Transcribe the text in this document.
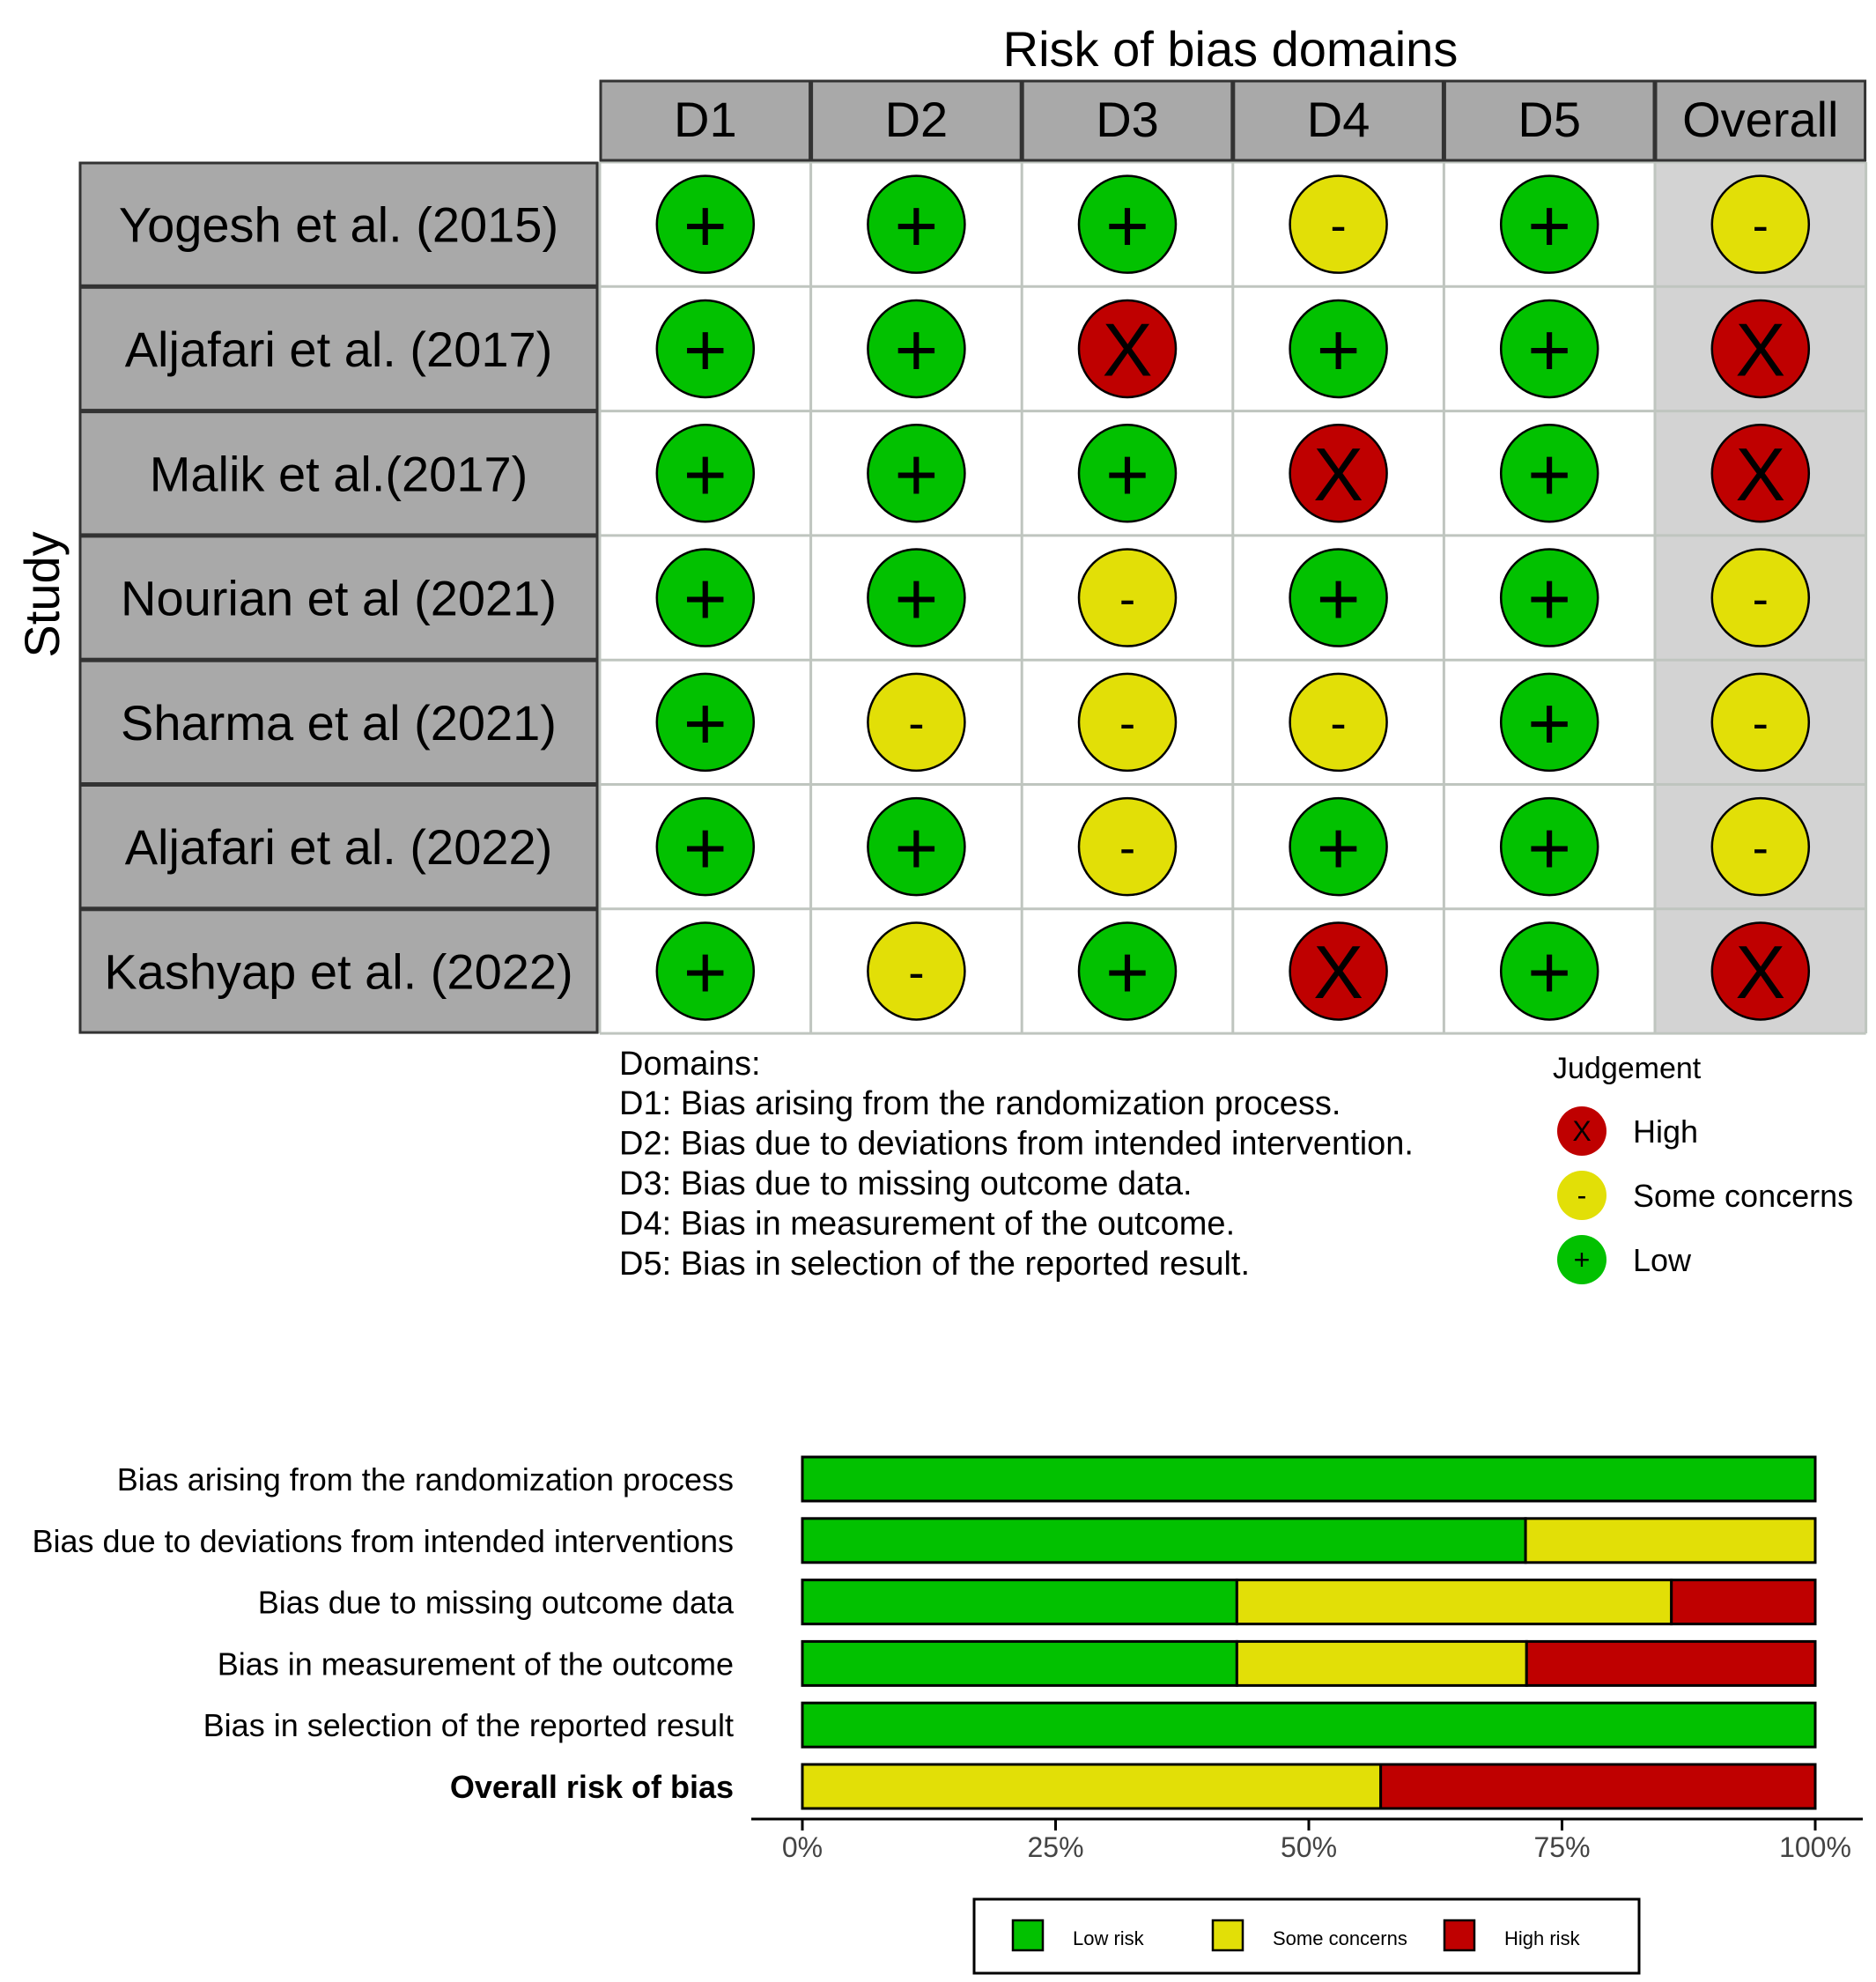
Risk of bias domains
Study
D1	D2	D3	D4	D5 Overall
Yogesh et al. (2015) + + +	- +	-
Aljafari et al. (2017) + + X + + X
Malik et al.(2017) + + + X + X
Nourian et al (2021) + +	- + +	-
Sharma et al (2021) +	-	-	- +	-
Aljafari et al. (2022) + +	- + +	-
Kashyap et al. (2022) +	- + X + X
Domains:
D1: Bias arising from the randomization process.
D2: Bias due to deviations from intended intervention.
D3: Bias due to missing outcome data.
D4: Bias in measurement of the outcome.
D5: Bias in selection of the reported result.
Judgement
X High
- Some concerns
+ Low
Bias arising from the randomization process
Bias due to deviations from intended interventions
Bias due to missing outcome data
Bias in measurement of the outcome
Bias in selection of the reported result
Overall risk of bias
0%	25%	50%	75%	100%
Low risk	Some concerns	High risk
